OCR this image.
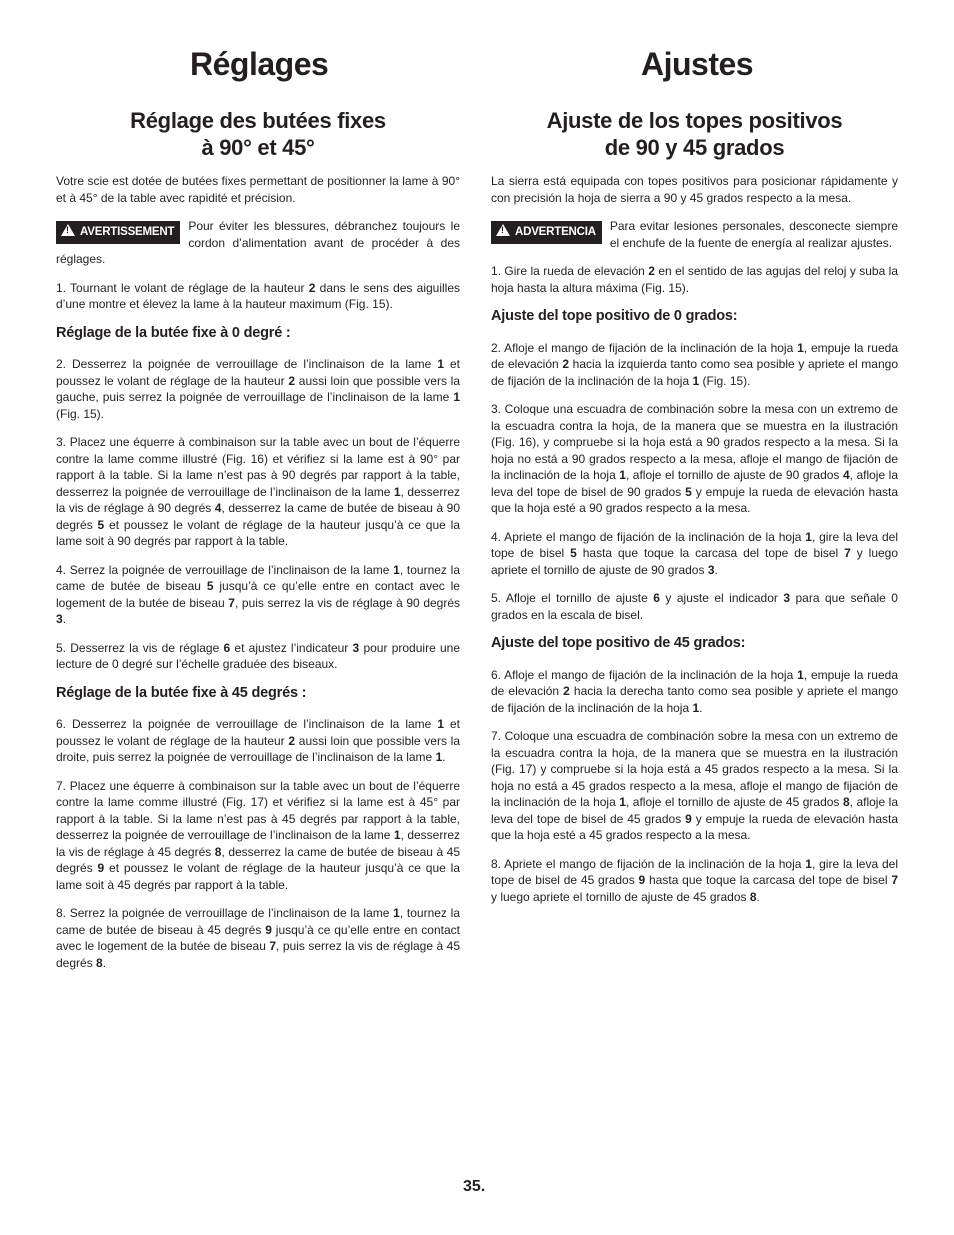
Réglages
Réglage des butées fixes
à 90° et 45°

Votre scie est dotée de butées fixes permettant de positionner la lame à 90° et à 45° de la table avec rapidité et précision.

!AVERTISSEMENT	Pour éviter les blessures, débranchez toujours le cordon d’alimentation avant de procéder à des réglages.

1. Tournant le volant de réglage de la hauteur 2 dans le sens des aiguilles d’une montre et élevez la lame à la hauteur maximum (Fig. 15).

Réglage de la butée fixe à 0 degré :

2. Desserrez la poignée de verrouillage de l’inclinaison de la lame 1 et poussez le volant de réglage de la hauteur 2 aussi loin que possible vers la gauche, puis serrez la poignée de verrouillage de l’inclinaison de la lame 1 (Fig. 15).

3. Placez une équerre à combinaison sur la table avec un bout de l’équerre contre la lame comme illustré (Fig. 16) et vérifiez si la lame est à 90° par rapport à la table. Si la lame n’est pas à 90 degrés par rapport à la table, desserrez la poignée de verrouillage de l’inclinaison de la lame 1, desserrez la vis de réglage à 90 degrés 4, desserrez la came de butée de biseau à 90 degrés 5 et poussez le volant de réglage de la hauteur jusqu’à ce que la lame soit à 90 degrés par rapport à la table.

4. Serrez la poignée de verrouillage de l’inclinaison de la lame 1, tournez la came de butée de biseau 5 jusqu’à ce qu’elle entre en contact avec le logement de la butée de biseau 7, puis serrez la vis de réglage à 90 degrés 3.

5. Desserrez la vis de réglage 6 et ajustez l’indicateur 3 pour produire une lecture de 0 degré sur l’échelle graduée des biseaux.

Réglage de la butée fixe à 45 degrés :

6. Desserrez la poignée de verrouillage de l’inclinaison de la lame 1 et poussez le volant de réglage de la hauteur 2 aussi loin que possible vers la droite, puis serrez la poignée de verrouillage de l’inclinaison de la lame 1.

7. Placez une équerre à combinaison sur la table avec un bout de l’équerre contre la lame comme illustré (Fig. 17) et vérifiez si la lame est à 45° par rapport à la table. Si la lame n’est pas à 45 degrés par rapport à la table, desserrez la poignée de verrouillage de l’inclinaison de la lame 1, desserrez la vis de réglage à 45 degrés 8, desserrez la came de butée de biseau à 45 degrés 9 et poussez le volant de réglage de la hauteur jusqu’à ce que la lame soit à 45 degrés par rapport à la table.

8. Serrez la poignée de verrouillage de l’inclinaison de la lame 1, tournez la came de butée de biseau à 45 degrés 9 jusqu’à ce qu’elle entre en contact avec le logement de la butée de biseau 7, puis serrez la vis de réglage à 45 degrés 8.

Ajustes
Ajuste de los topes positivos
de 90 y 45 grados

La sierra está equipada con topes positivos para posicionar rápidamente y con precisión la hoja de sierra a 90 y 45 grados respecto a la mesa.

!ADVERTENCIA	Para evitar lesiones personales, desconecte siempre el enchufe de la fuente de energía al realizar ajustes.

1. Gire la rueda de elevación 2 en el sentido de las agujas del reloj y suba la hoja hasta la altura máxima (Fig. 15).

Ajuste del tope positivo de 0 grados:

2. Afloje el mango de fijación de la inclinación de la hoja 1, empuje la rueda de elevación 2 hacia la izquierda tanto como sea posible y apriete el mango de fijación de la inclinación de la hoja 1 (Fig. 15).

3. Coloque una escuadra de combinación sobre la mesa con un extremo de la escuadra contra la hoja, de la manera que se muestra en la ilustración (Fig. 16), y compruebe si la hoja está a 90 grados respecto a la mesa. Si la hoja no está a 90 grados respecto a la mesa, afloje el mango de fijación de la inclinación de la hoja 1, afloje el tornillo de ajuste de 90 grados 4, afloje la leva del tope de bisel de 90 grados 5 y empuje la rueda de elevación hasta que la hoja esté a 90 grados respecto a la mesa.

4. Apriete el mango de fijación de la inclinación de la hoja 1, gire la leva del tope de bisel 5 hasta que toque la carcasa del tope de bisel 7 y luego apriete el tornillo de ajuste de 90 grados 3.

5. Afloje el tornillo de ajuste 6 y ajuste el indicador 3 para que señale 0 grados en la escala de bisel.

Ajuste del tope positivo de 45 grados:

6. Afloje el mango de fijación de la inclinación de la hoja 1, empuje la rueda de elevación 2 hacia la derecha tanto como sea posible y apriete el mango de fijación de la inclinación de la hoja 1.

7. Coloque una escuadra de combinación sobre la mesa con un extremo de la escuadra contra la hoja, de la manera que se muestra en la ilustración (Fig. 17) y compruebe si la hoja está a 45 grados respecto a la mesa. Si la hoja no está a 45 grados respecto a la mesa, afloje el mango de fijación de la inclinación de la hoja 1, afloje el tornillo de ajuste de 45 grados 8, afloje la leva del tope de bisel de 45 grados 9 y empuje la rueda de elevación hasta que la hoja esté a 45 grados respecto a la mesa.

8. Apriete el mango de fijación de la inclinación de la hoja 1, gire la leva del tope de bisel de 45 grados 9 hasta que toque la carcasa del tope de bisel 7 y luego apriete el tornillo de ajuste de 45 grados 8.

35.
